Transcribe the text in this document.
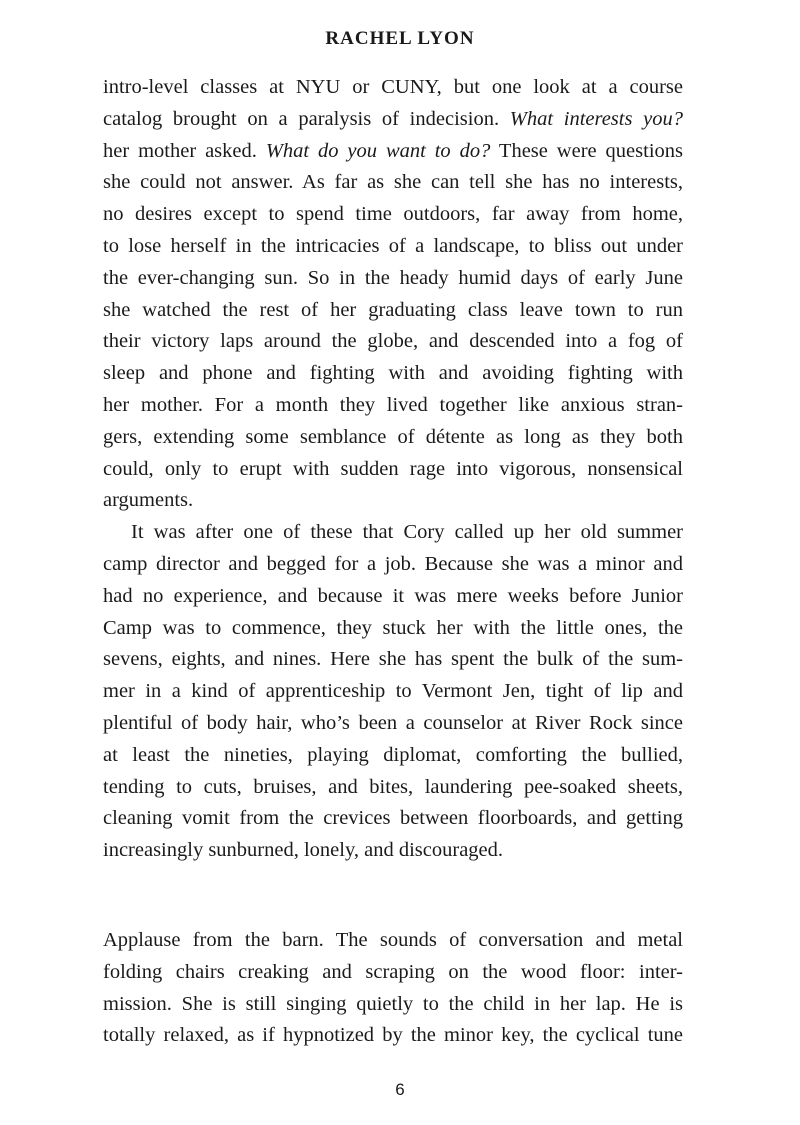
RACHEL LYON
intro-level classes at NYU or CUNY, but one look at a course
catalog brought on a paralysis of indecision. What interests you?
her mother asked. What do you want to do? These were questions
she could not answer. As far as she can tell she has no interests,
no desires except to spend time outdoors, far away from home,
to lose herself in the intricacies of a landscape, to bliss out under
the ever-changing sun. So in the heady humid days of early June
she watched the rest of her graduating class leave town to run
their victory laps around the globe, and descended into a fog of
sleep and phone and fighting with and avoiding fighting with
her mother. For a month they lived together like anxious stran-
gers, extending some semblance of détente as long as they both
could, only to erupt with sudden rage into vigorous, nonsensical
arguments.
It was after one of these that Cory called up her old summer
camp director and begged for a job. Because she was a minor and
had no experience, and because it was mere weeks before Junior
Camp was to commence, they stuck her with the little ones, the
sevens, eights, and nines. Here she has spent the bulk of the sum-
mer in a kind of apprenticeship to Vermont Jen, tight of lip and
plentiful of body hair, who’s been a counselor at River Rock since
at least the nineties, playing diplomat, comforting the bullied,
tending to cuts, bruises, and bites, laundering pee-soaked sheets,
cleaning vomit from the crevices between floorboards, and getting
increasingly sunburned, lonely, and discouraged.
Applause from the barn. The sounds of conversation and metal
folding chairs creaking and scraping on the wood floor: inter-
mission. She is still singing quietly to the child in her lap. He is
totally relaxed, as if hypnotized by the minor key, the cyclical tune
6
